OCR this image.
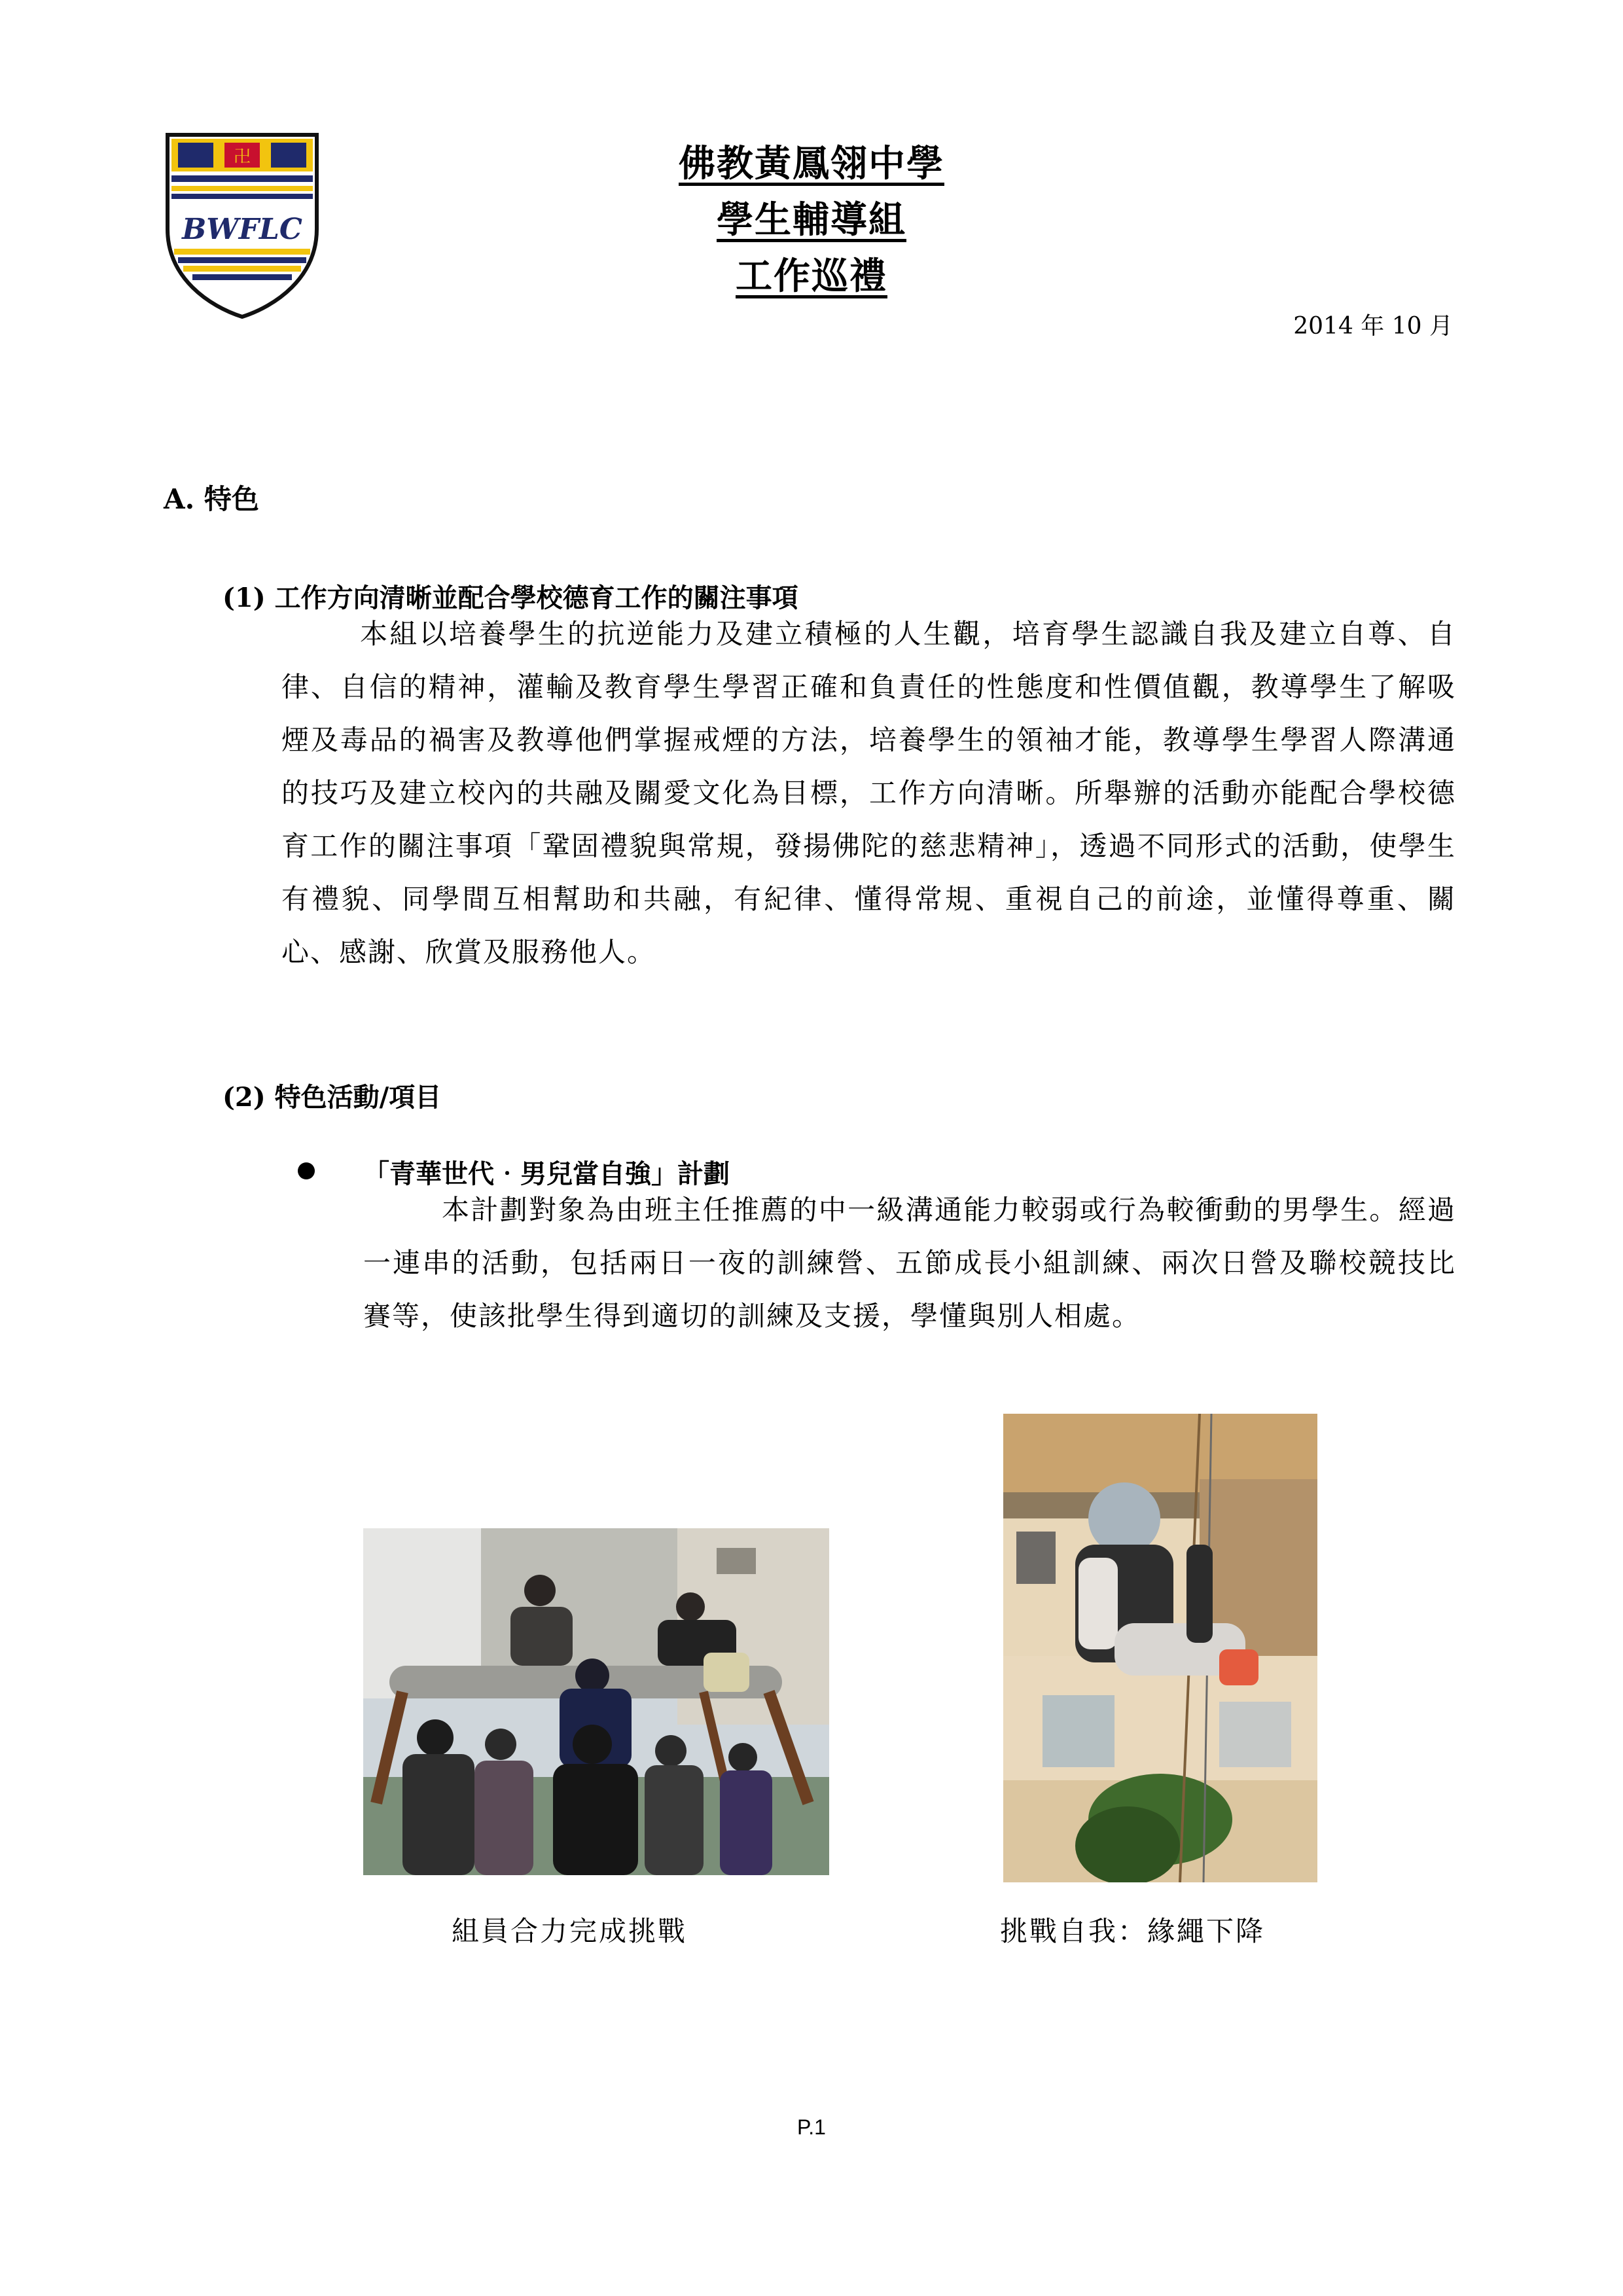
卍
BWFLC
佛教黃鳳翎中學
學生輔導組
工作巡禮
2014 年 10 月
A. 特色
(1) 工作方向清晰並配合學校德育工作的關注事項

本組以培養學生的抗逆能力及建立積極的人生觀，培育學生認識自我及建立自尊、自律、自信的精神，灌輸及教育學生學習正確和負責任的性態度和性價值觀，教導學生了解吸煙及毒品的禍害及教導他們掌握戒煙的方法，培養學生的領袖才能，教導學生學習人際溝通的技巧及建立校內的共融及關愛文化為目標，工作方向清晰。所舉辦的活動亦能配合學校德育工作的關注事項「鞏固禮貌與常規，發揚佛陀的慈悲精神」，透過不同形式的活動，使學生有禮貌、同學間互相幫助和共融，有紀律、懂得常規、重視自己的前途，並懂得尊重、關心、感謝、欣賞及服務他人。

(2) 特色活動/項目
「青華世代‧男兒當自強」計劃

本計劃對象為由班主任推薦的中一級溝通能力較弱或行為較衝動的男學生。經過一連串的活動，包括兩日一夜的訓練營、五節成長小組訓練、兩次日營及聯校競技比賽等，使該批學生得到適切的訓練及支援，學懂與別人相處。

組員合力完成挑戰	挑戰自我：緣繩下降
P.1
